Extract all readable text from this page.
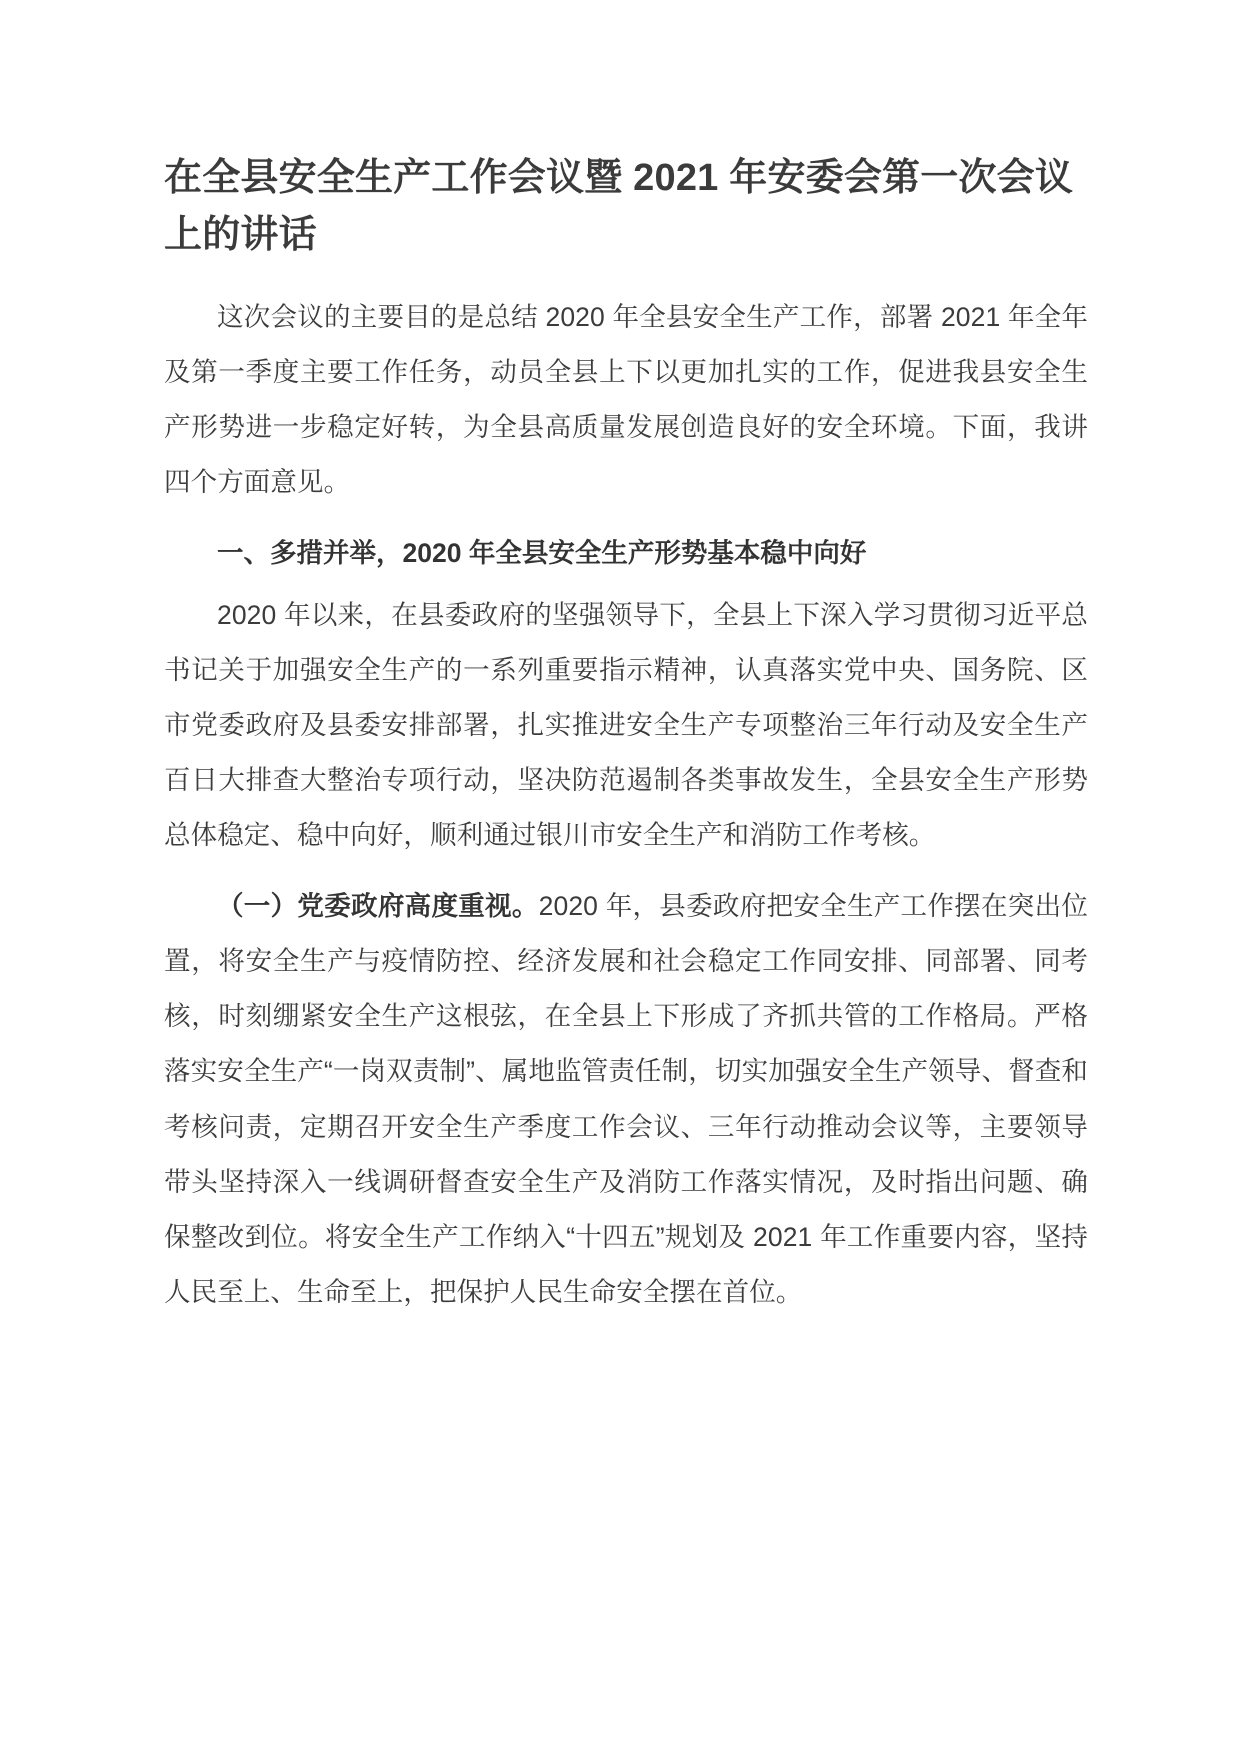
在全县安全生产工作会议暨 2021 年安委会第一次会议上的讲话

这次会议的主要目的是总结 2020 年全县安全生产工作，部署 2021 年全年及第一季度主要工作任务，动员全县上下以更加扎实的工作，促进我县安全生产形势进一步稳定好转，为全县高质量发展创造良好的安全环境。下面，我讲四个方面意见。

一、多措并举，2020 年全县安全生产形势基本稳中向好

2020 年以来，在县委政府的坚强领导下，全县上下深入学习贯彻习近平总书记关于加强安全生产的一系列重要指示精神，认真落实党中央、国务院、区市党委政府及县委安排部署，扎实推进安全生产专项整治三年行动及安全生产百日大排查大整治专项行动，坚决防范遏制各类事故发生，全县安全生产形势总体稳定、稳中向好，顺利通过银川市安全生产和消防工作考核。

（一）党委政府高度重视。2020 年，县委政府把安全生产工作摆在突出位置，将安全生产与疫情防控、经济发展和社会稳定工作同安排、同部署、同考核，时刻绷紧安全生产这根弦，在全县上下形成了齐抓共管的工作格局。严格落实安全生产“一岗双责制”、属地监管责任制，切实加强安全生产领导、督查和考核问责，定期召开安全生产季度工作会议、三年行动推动会议等，主要领导带头坚持深入一线调研督查安全生产及消防工作落实情况，及时指出问题、确保整改到位。将安全生产工作纳入“十四五”规划及 2021 年工作重要内容，坚持人民至上、生命至上，把保护人民生命安全摆在首位。
